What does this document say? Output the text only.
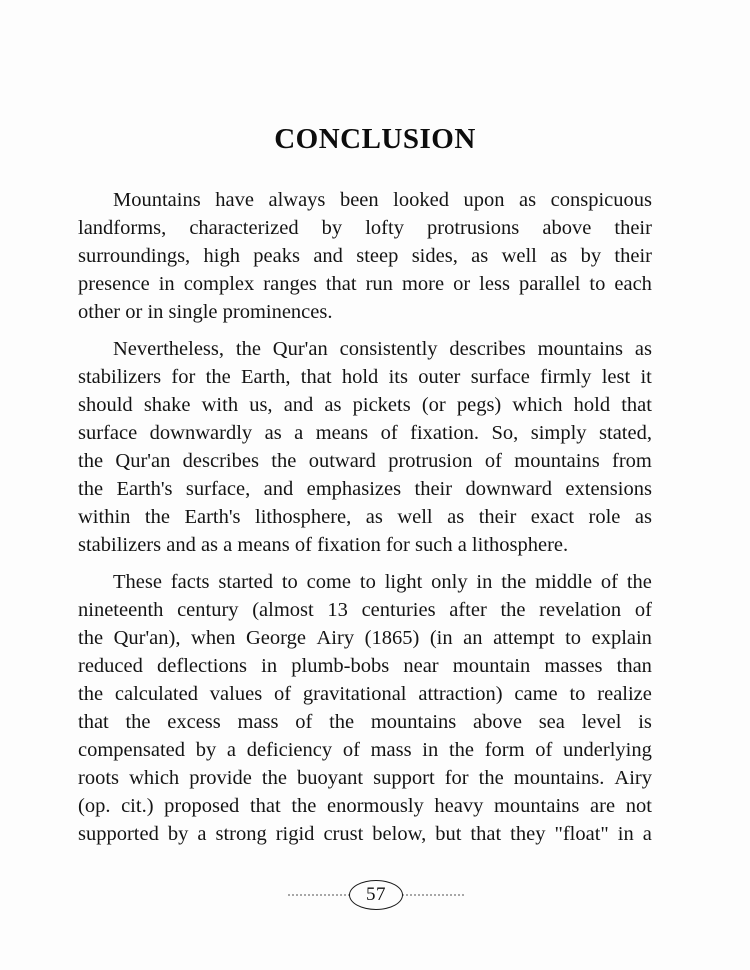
CONCLUSION

Mountains have always been looked upon as conspicuous
landforms, characterized by lofty protrusions above their
surroundings, high peaks and steep sides, as well as by their
presence in complex ranges that run more or less parallel to each
other or in single prominences.

Nevertheless, the Qur'an consistently describes mountains as
stabilizers for the Earth, that hold its outer surface firmly lest it
should shake with us, and as pickets (or pegs) which hold that
surface downwardly as a means of fixation. So, simply stated,
the Qur'an describes the outward protrusion of mountains from
the Earth's surface, and emphasizes their downward extensions
within the Earth's lithosphere, as well as their exact role as
stabilizers and as a means of fixation for such a lithosphere.

These facts started to come to light only in the middle of the
nineteenth century (almost 13 centuries after the revelation of
the Qur'an), when George Airy (1865) (in an attempt to explain
reduced deflections in plumb-bobs near mountain masses than
the calculated values of gravitational attraction) came to realize
that the excess mass of the mountains above sea level is
compensated by a deficiency of mass in the form of underlying
roots which provide the buoyant support for the mountains. Airy
(op. cit.) proposed that the enormously heavy mountains are not
supported by a strong rigid crust below, but that they "float" in a

57
